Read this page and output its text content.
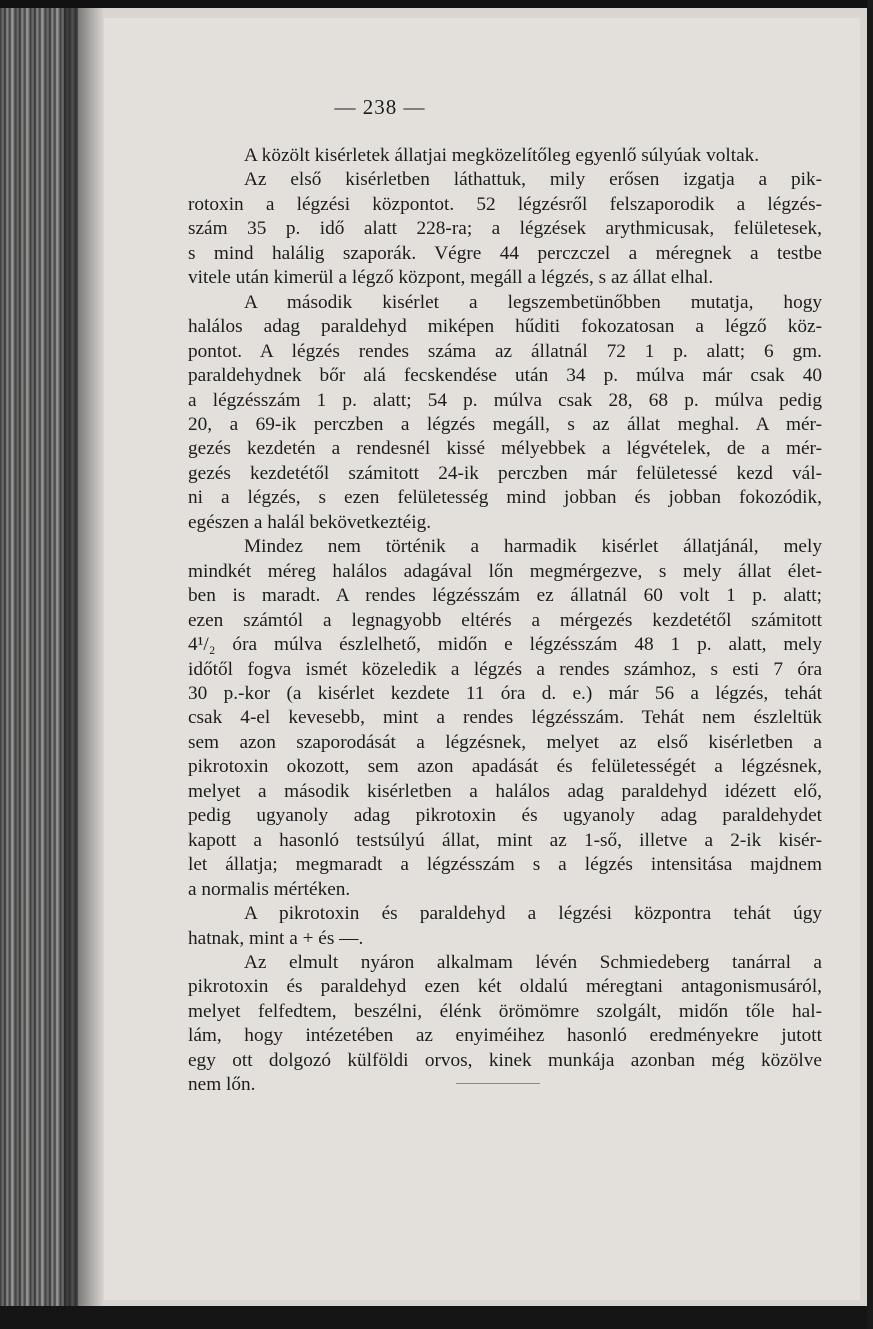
— 238 —
A közölt kisérletek állatjai megközelítőleg egyenlő súlyúak voltak.
Az első kisérletben láthattuk, mily erősen izgatja a pik-
rotoxin a légzési központot. 52 légzésről felszaporodik a légzés-
szám 35 p. idő alatt 228-ra; a légzések arythmicusak, felületesek,
s mind halálig szaporák. Végre 44 perczczel a méregnek a testbe
vitele után kimerül a légző központ, megáll a légzés, s az állat elhal.
A második kisérlet a legszembetünőbben mutatja, hogy
halálos adag paraldehyd miképen hűditi fokozatosan a légző köz-
pontot. A légzés rendes száma az állatnál 72 1 p. alatt; 6 gm.
paraldehydnek bőr alá fecskendése után 34 p. múlva már csak 40
a légzésszám 1 p. alatt; 54 p. múlva csak 28, 68 p. múlva pedig
20, a 69-ik perczben a légzés megáll, s az állat meghal. A mér-
gezés kezdetén a rendesnél kissé mélyebbek a légvételek, de a mér-
gezés kezdetétől számitott 24-ik perczben már felületessé kezd vál-
ni a légzés, s ezen felületesség mind jobban és jobban fokozódik,
egészen a halál bekövetkeztéig.
Mindez nem történik a harmadik kisérlet állatjánál, mely
mindkét méreg halálos adagával lőn megmérgezve, s mely állat élet-
ben is maradt. A rendes légzésszám ez állatnál 60 volt 1 p. alatt;
ezen számtól a legnagyobb eltérés a mérgezés kezdetétől számitott
4¹/₂ óra múlva észlelhető, midőn e légzésszám 48 1 p. alatt, mely
időtől fogva ismét közeledik a légzés a rendes számhoz, s esti 7 óra
30 p.-kor (a kisérlet kezdete 11 óra d. e.) már 56 a légzés, tehát
csak 4-el kevesebb, mint a rendes légzésszám. Tehát nem észleltük
sem azon szaporodását a légzésnek, melyet az első kisérletben a
pikrotoxin okozott, sem azon apadását és felületességét a légzésnek,
melyet a második kisérletben a halálos adag paraldehyd idézett elő,
pedig ugyanoly adag pikrotoxin és ugyanoly adag paraldehydet
kapott a hasonló testsúlyú állat, mint az 1-ső, illetve a 2-ik kisér-
let állatja; megmaradt a légzésszám s a légzés intensitása majdnem
a normalis mértéken.
A pikrotoxin és paraldehyd a légzési központra tehát úgy
hatnak, mint a + és —.
Az elmult nyáron alkalmam lévén Schmiedeberg tanárral a
pikrotoxin és paraldehyd ezen két oldalú méregtani antagonismusáról,
melyet felfedtem, beszélni, élénk örömömre szolgált, midőn tőle hal-
lám, hogy intézetében az enyiméihez hasonló eredményekre jutott
egy ott dolgozó külföldi orvos, kinek munkája azonban még közölve
nem lőn.
